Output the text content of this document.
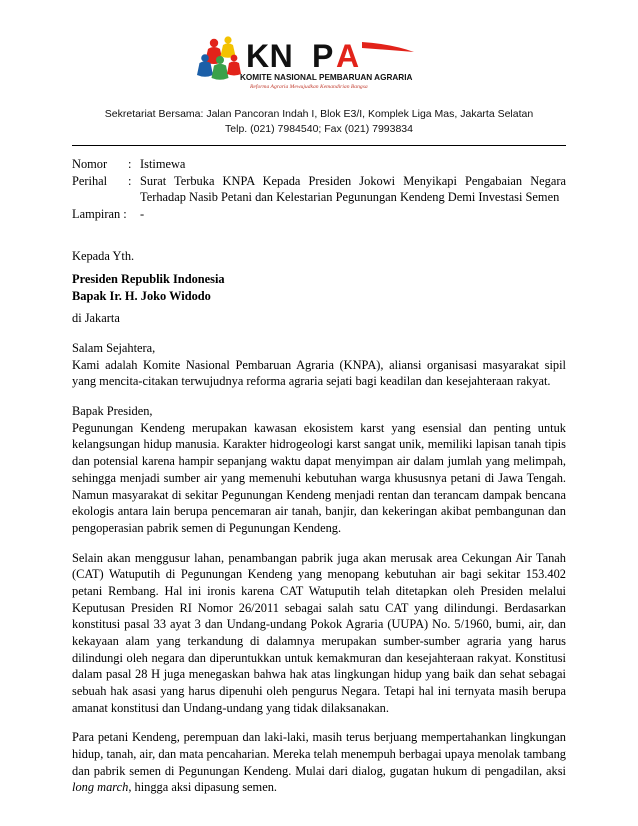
KN P A
KOMITE NASIONAL PEMBARUAN AGRARIA
Reforma Agraria Mewujudkan Kemandirian Bangsa
Sekretariat Bersama: Jalan Pancoran Indah I, Blok E3/I, Komplek Liga Mas, Jakarta Selatan
Telp. (021) 7984540; Fax (021) 7993834
Nomor	: Istimewa
Perihal	: Surat Terbuka KNPA Kepada Presiden Jokowi Menyikapi Pengabaian Negara Terhadap Nasib Petani dan Kelestarian Pegunungan Kendeng Demi Investasi Semen
Lampiran :	-

Kepada Yth.

Presiden Republik Indonesia

Bapak Ir. H. Joko Widodo

di Jakarta

Salam Sejahtera,

Kami adalah Komite Nasional Pembaruan Agraria (KNPA), aliansi organisasi masyarakat sipil yang mencita-citakan terwujudnya reforma agraria sejati bagi keadilan dan kesejahteraan rakyat.

Bapak Presiden,

Pegunungan Kendeng merupakan kawasan ekosistem karst yang esensial dan penting untuk kelangsungan hidup manusia. Karakter hidrogeologi karst sangat unik, memiliki lapisan tanah tipis dan potensial karena hampir sepanjang waktu dapat menyimpan air dalam jumlah yang melimpah, sehingga menjadi sumber air yang memenuhi kebutuhan warga khususnya petani di Jawa Tengah. Namun masyarakat di sekitar Pegunungan Kendeng menjadi rentan dan terancam dampak bencana ekologis antara lain berupa pencemaran air tanah, banjir, dan kekeringan akibat pembangunan dan pengoperasian pabrik semen di Pegunungan Kendeng.

Selain akan menggusur lahan, penambangan pabrik juga akan merusak area Cekungan Air Tanah (CAT) Watuputih di Pegunungan Kendeng yang menopang kebutuhan air bagi sekitar 153.402 petani Rembang. Hal ini ironis karena CAT Watuputih telah ditetapkan oleh Presiden melalui Keputusan Presiden RI Nomor 26/2011 sebagai salah satu CAT yang dilindungi. Berdasarkan konstitusi pasal 33 ayat 3 dan Undang-undang Pokok Agraria (UUPA) No. 5/1960, bumi, air, dan kekayaan alam yang terkandung di dalamnya merupakan sumber-sumber agraria yang harus dilindungi oleh negara dan diperuntukkan untuk kemakmuran dan kesejahteraan rakyat. Konstitusi dalam pasal 28 H juga menegaskan bahwa hak atas lingkungan hidup yang baik dan sehat sebagai sebuah hak asasi yang harus dipenuhi oleh pengurus Negara. Tetapi hal ini ternyata masih berupa amanat konstitusi dan Undang-undang yang tidak dilaksanakan.

Para petani Kendeng, perempuan dan laki-laki, masih terus berjuang mempertahankan lingkungan hidup, tanah, air, dan mata pencaharian. Mereka telah menempuh berbagai upaya menolak tambang dan pabrik semen di Pegunungan Kendeng. Mulai dari dialog, gugatan hukum di pengadilan, aksi long march, hingga aksi dipasung semen.
